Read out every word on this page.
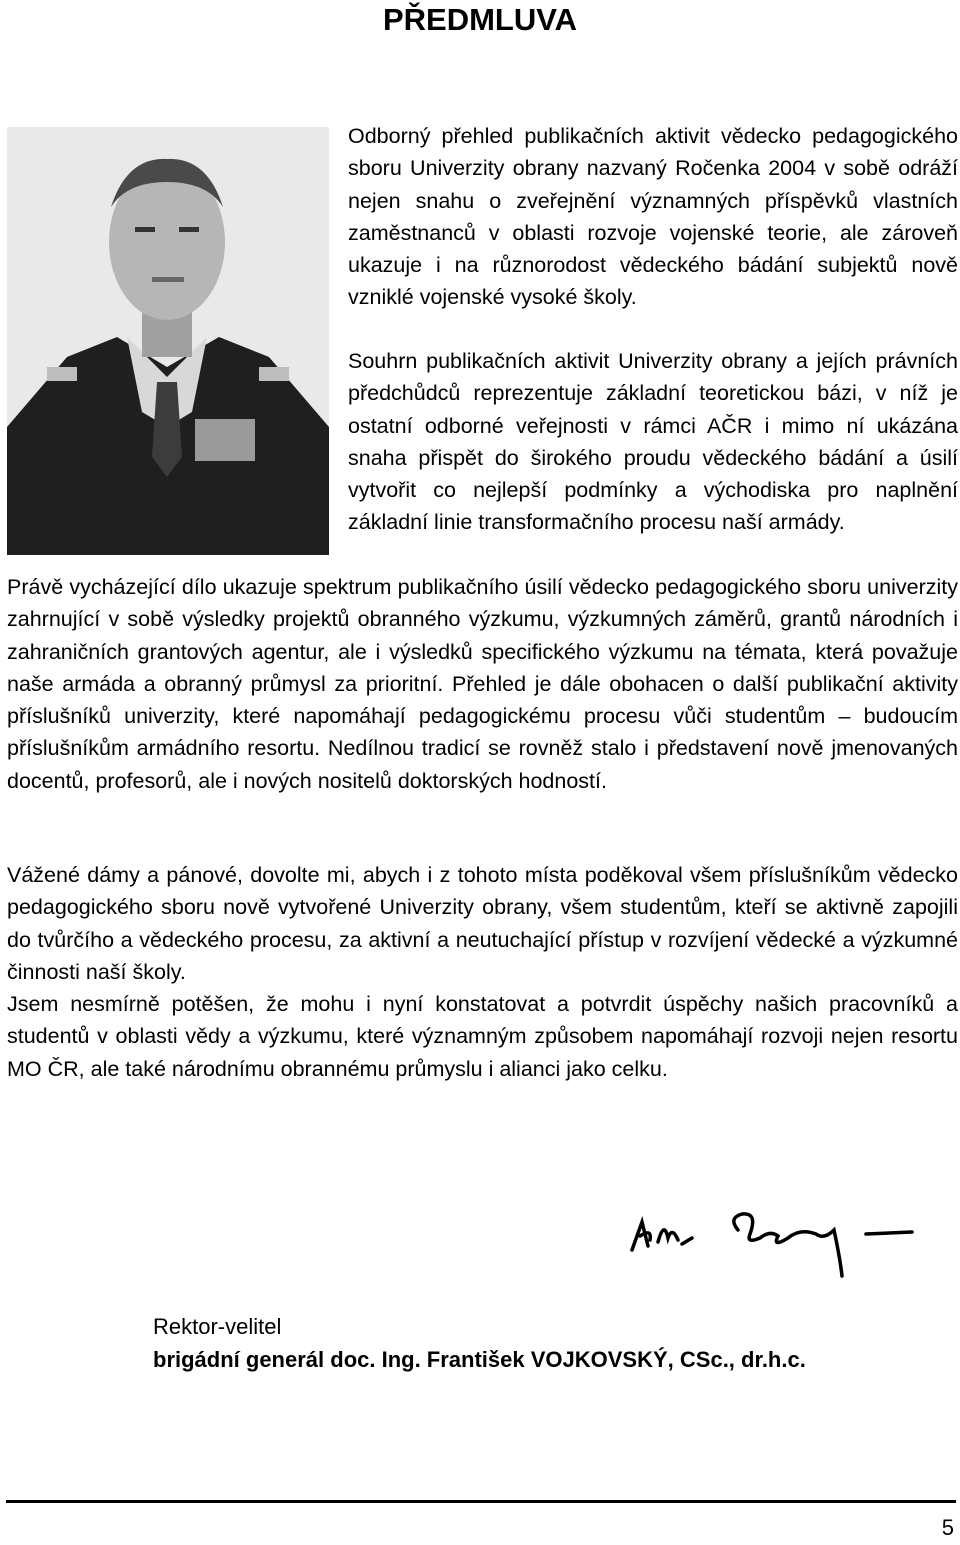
PŘEDMLUVA

Odborný přehled publikačních aktivit vědecko pedagogického sboru Univerzity obrany nazvaný Ročenka 2004 v sobě odráží nejen snahu o zveřejnění významných příspěvků vlastních zaměstnanců v oblasti rozvoje vojenské teorie, ale zároveň ukazuje i na různorodost vědeckého bádání subjektů nově vzniklé vojenské vysoké školy.

Souhrn publikačních aktivit Univerzity obrany a jejích právních předchůdců reprezentuje základní teoretickou bázi, v níž je ostatní odborné veřejnosti v rámci AČR i mimo ní ukázána snaha přispět do širokého proudu vědeckého bádání a úsilí vytvořit co nejlepší podmínky a východiska pro naplnění základní linie transformačního procesu naší armády.

Právě vycházející dílo ukazuje spektrum publikačního úsilí vědecko pedagogického sboru univerzity zahrnující v sobě výsledky projektů obranného výzkumu, výzkumných záměrů, grantů národních i zahraničních grantových agentur, ale i výsledků specifického výzkumu na témata, která považuje naše armáda a obranný průmysl za prioritní. Přehled je dále obohacen o další publikační aktivity příslušníků univerzity, které napomáhají pedagogickému procesu vůči studentům – budoucím příslušníkům armádního resortu. Nedílnou tradicí se rovněž stalo i představení nově jmenovaných docentů, profesorů, ale i nových nositelů doktorských hodností.

Vážené dámy a pánové, dovolte mi, abych i z tohoto místa poděkoval všem příslušníkům vědecko pedagogického sboru nově vytvořené Univerzity obrany, všem studentům, kteří se aktivně zapojili do tvůrčího a vědeckého procesu, za aktivní a neutuchající přístup v rozvíjení vědecké a výzkumné činnosti naší školy.

Jsem nesmírně potěšen, že mohu i nyní konstatovat a potvrdit úspěchy našich pracovníků a studentů v oblasti vědy a výzkumu, které významným způsobem napomáhají rozvoji nejen resortu MO ČR, ale také národnímu obrannému průmyslu i alianci jako celku.

Rektor-velitel
brigádní generál doc. Ing. František VOJKOVSKÝ, CSc., dr.h.c.
5
